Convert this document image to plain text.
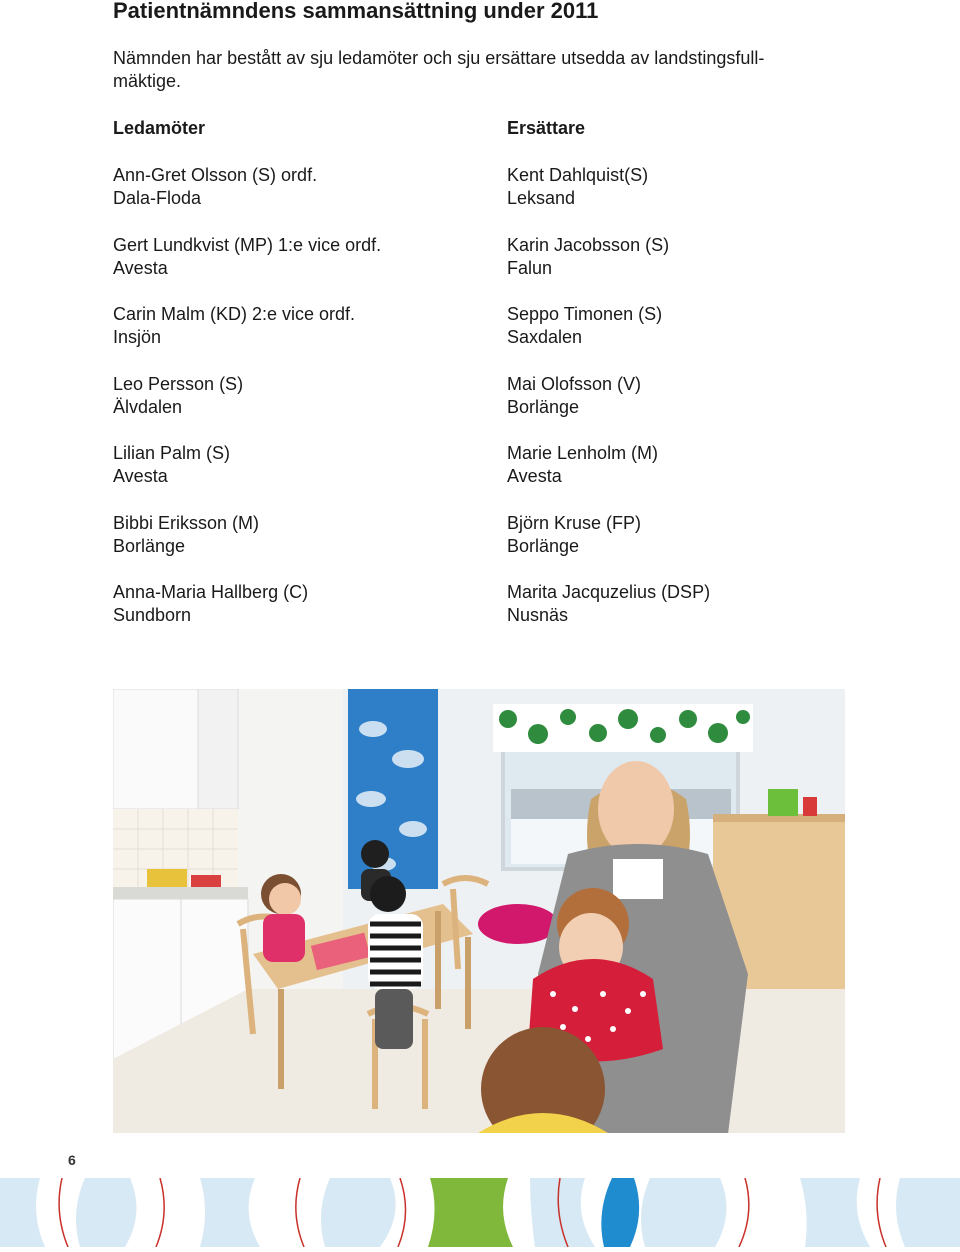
Patientnämndens sammansättning under 2011

Nämnden har bestått av sju ledamöter och sju ersättare utsedda av landstingsfull-
mäktige.

Ledamöter
Ann-Gret Olsson (S) ordf.
Dala-Floda
Gert Lundkvist (MP) 1:e vice ordf.
Avesta
Carin Malm (KD) 2:e vice ordf.
Insjön
Leo Persson (S)
Älvdalen
Lilian Palm (S)
Avesta
Bibbi Eriksson (M)
Borlänge
Anna-Maria Hallberg (C)
Sundborn
Ersättare
Kent Dahlquist(S)
Leksand
Karin Jacobsson (S)
Falun
Seppo Timonen (S)
Saxdalen
Mai Olofsson (V)
Borlänge
Marie Lenholm (M)
Avesta
Björn Kruse (FP)
Borlänge
Marita Jacquzelius (DSP)
Nusnäs
6
